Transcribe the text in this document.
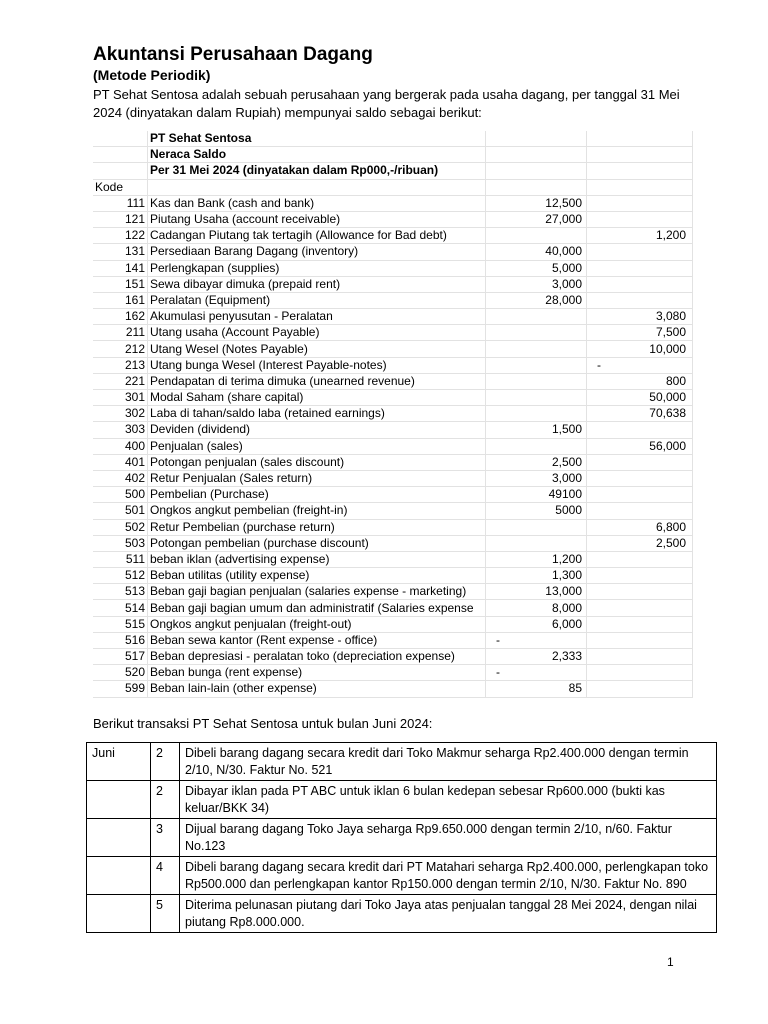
Akuntansi Perusahaan Dagang
(Metode Periodik)
PT Sehat Sentosa adalah sebuah perusahaan yang bergerak pada usaha dagang, per tanggal 31 Mei 2024 (dinyatakan dalam Rupiah) mempunyai saldo sebagai berikut:
	PT Sehat Sentosa		
	Neraca Saldo		
	Per 31 Mei 2024 (dinyatakan dalam Rp000,-/ribuan)		
Kode			
111	Kas dan Bank (cash and bank)	12,500	
121	Piutang Usaha (account receivable)	27,000	
122	Cadangan Piutang tak tertagih (Allowance for Bad debt)		1,200
131	Persediaan Barang Dagang (inventory)	40,000	
141	Perlengkapan (supplies)	5,000	
151	Sewa dibayar dimuka (prepaid rent)	3,000	
161	Peralatan (Equipment)	28,000	
162	Akumulasi penyusutan - Peralatan		3,080
211	Utang usaha (Account Payable)		7,500
212	Utang Wesel (Notes Payable)		10,000
213	Utang bunga Wesel (Interest Payable-notes)		-
221	Pendapatan di terima dimuka (unearned revenue)		800
301	Modal Saham (share capital)		50,000
302	Laba di tahan/saldo laba (retained earnings)		70,638
303	Deviden (dividend)	1,500	
400	Penjualan (sales)		56,000
401	Potongan penjualan (sales discount)	2,500	
402	Retur Penjualan (Sales return)	3,000	
500	Pembelian (Purchase)	49100	
501	Ongkos angkut pembelian (freight-in)	5000	
502	Retur Pembelian (purchase return)		6,800
503	Potongan pembelian (purchase discount)		2,500
511	beban iklan (advertising expense)	1,200	
512	Beban utilitas (utility expense)	1,300	
513	Beban gaji bagian penjualan (salaries expense - marketing)	13,000	
514	Beban gaji bagian umum dan administratif (Salaries expense	8,000	
515	Ongkos angkut penjualan (freight-out)	6,000	
516	Beban sewa kantor (Rent expense - office)	-	
517	Beban depresiasi - peralatan toko (depreciation expense)	2,333	
520	Beban bunga (rent expense)	-	
599	Beban lain-lain (other expense)	85	
Berikut transaksi PT Sehat Sentosa untuk bulan Juni 2024:
Juni	2	Dibeli barang dagang secara kredit dari Toko Makmur seharga Rp2.400.000 dengan termin 2/10, N/30. Faktur No. 521
	2	Dibayar iklan pada PT ABC untuk iklan 6 bulan kedepan sebesar Rp600.000 (bukti kas keluar/BKK 34)
	3	Dijual barang dagang Toko Jaya seharga Rp9.650.000 dengan termin 2/10, n/60. Faktur No.123
	4	Dibeli barang dagang secara kredit dari PT Matahari seharga Rp2.400.000, perlengkapan toko Rp500.000 dan perlengkapan kantor Rp150.000 dengan termin 2/10, N/30. Faktur No. 890
	5	Diterima pelunasan piutang dari Toko Jaya atas penjualan tanggal 28 Mei 2024, dengan nilai piutang Rp8.000.000.
1
